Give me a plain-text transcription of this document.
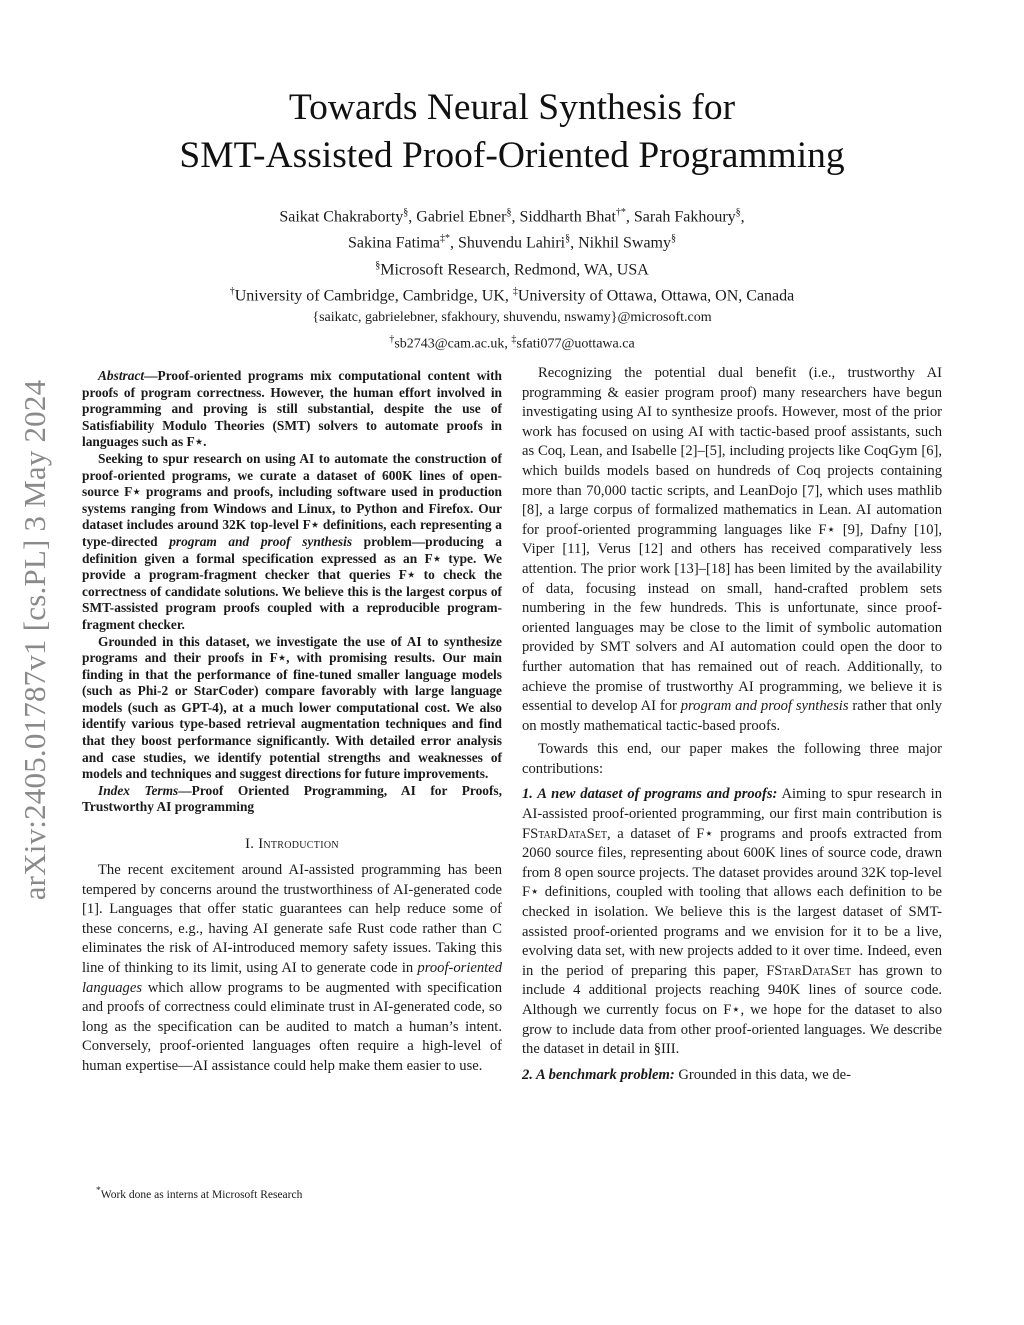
arXiv:2405.01787v1 [cs.PL] 3 May 2024
Towards Neural Synthesis for
SMT-Assisted Proof-Oriented Programming
Saikat Chakraborty§, Gabriel Ebner§, Siddharth Bhat†*, Sarah Fakhoury§,
Sakina Fatima‡*, Shuvendu Lahiri§, Nikhil Swamy§
§Microsoft Research, Redmond, WA, USA
†University of Cambridge, Cambridge, UK, ‡University of Ottawa, Ottawa, ON, Canada
{saikatc, gabrielebner, sfakhoury, shuvendu, nswamy}@microsoft.com
†sb2743@cam.ac.uk, ‡sfati077@uottawa.ca

Abstract—Proof-oriented programs mix computational content with proofs of program correctness. However, the human effort involved in programming and proving is still substantial, despite the use of Satisfiability Modulo Theories (SMT) solvers to automate proofs in languages such as F⋆.

Seeking to spur research on using AI to automate the construction of proof-oriented programs, we curate a dataset of 600K lines of open-source F⋆ programs and proofs, including software used in production systems ranging from Windows and Linux, to Python and Firefox. Our dataset includes around 32K top-level F⋆ definitions, each representing a type-directed program and proof synthesis problem—producing a definition given a formal specification expressed as an F⋆ type. We provide a program-fragment checker that queries F⋆ to check the correctness of candidate solutions. We believe this is the largest corpus of SMT-assisted program proofs coupled with a reproducible program-fragment checker.

Grounded in this dataset, we investigate the use of AI to synthesize programs and their proofs in F⋆, with promising results. Our main finding in that the performance of fine-tuned smaller language models (such as Phi-2 or StarCoder) compare favorably with large language models (such as GPT-4), at a much lower computational cost. We also identify various type-based retrieval augmentation techniques and find that they boost performance significantly. With detailed error analysis and case studies, we identify potential strengths and weaknesses of models and techniques and suggest directions for future improvements.

Index Terms—Proof Oriented Programming, AI for Proofs, Trustworthy AI programming

I. Introduction

The recent excitement around AI-assisted programming has been tempered by concerns around the trustworthiness of AI-generated code [1]. Languages that offer static guarantees can help reduce some of these concerns, e.g., having AI generate safe Rust code rather than C eliminates the risk of AI-introduced memory safety issues. Taking this line of thinking to its limit, using AI to generate code in proof-oriented languages which allow programs to be augmented with specification and proofs of correctness could eliminate trust in AI-generated code, so long as the specification can be audited to match a human’s intent. Conversely, proof-oriented languages often require a high-level of human expertise—AI assistance could help make them easier to use.

*Work done as interns at Microsoft Research

Recognizing the potential dual benefit (i.e., trustworthy AI programming & easier program proof) many researchers have begun investigating using AI to synthesize proofs. However, most of the prior work has focused on using AI with tactic-based proof assistants, such as Coq, Lean, and Isabelle [2]–[5], including projects like CoqGym [6], which builds models based on hundreds of Coq projects containing more than 70,000 tactic scripts, and LeanDojo [7], which uses mathlib [8], a large corpus of formalized mathematics in Lean. AI automation for proof-oriented programming languages like F⋆ [9], Dafny [10], Viper [11], Verus [12] and others has received comparatively less attention. The prior work [13]–[18] has been limited by the availability of data, focusing instead on small, hand-crafted problem sets numbering in the few hundreds. This is unfortunate, since proof-oriented languages may be close to the limit of symbolic automation provided by SMT solvers and AI automation could open the door to further automation that has remained out of reach. Additionally, to achieve the promise of trustworthy AI programming, we believe it is essential to develop AI for program and proof synthesis rather that only on mostly mathematical tactic-based proofs.

Towards this end, our paper makes the following three major contributions:

1. A new dataset of programs and proofs: Aiming to spur research in AI-assisted proof-oriented programming, our first main contribution is FStarDataSet, a dataset of F⋆ programs and proofs extracted from 2060 source files, representing about 600K lines of source code, drawn from 8 open source projects. The dataset provides around 32K top-level F⋆ definitions, coupled with tooling that allows each definition to be checked in isolation. We believe this is the largest dataset of SMT-assisted proof-oriented programs and we envision for it to be a live, evolving data set, with new projects added to it over time. Indeed, even in the period of preparing this paper, FStarDataSet has grown to include 4 additional projects reaching 940K lines of source code. Although we currently focus on F⋆, we hope for the dataset to also grow to include data from other proof-oriented languages. We describe the dataset in detail in §III.

2. A benchmark problem: Grounded in this data, we de-
